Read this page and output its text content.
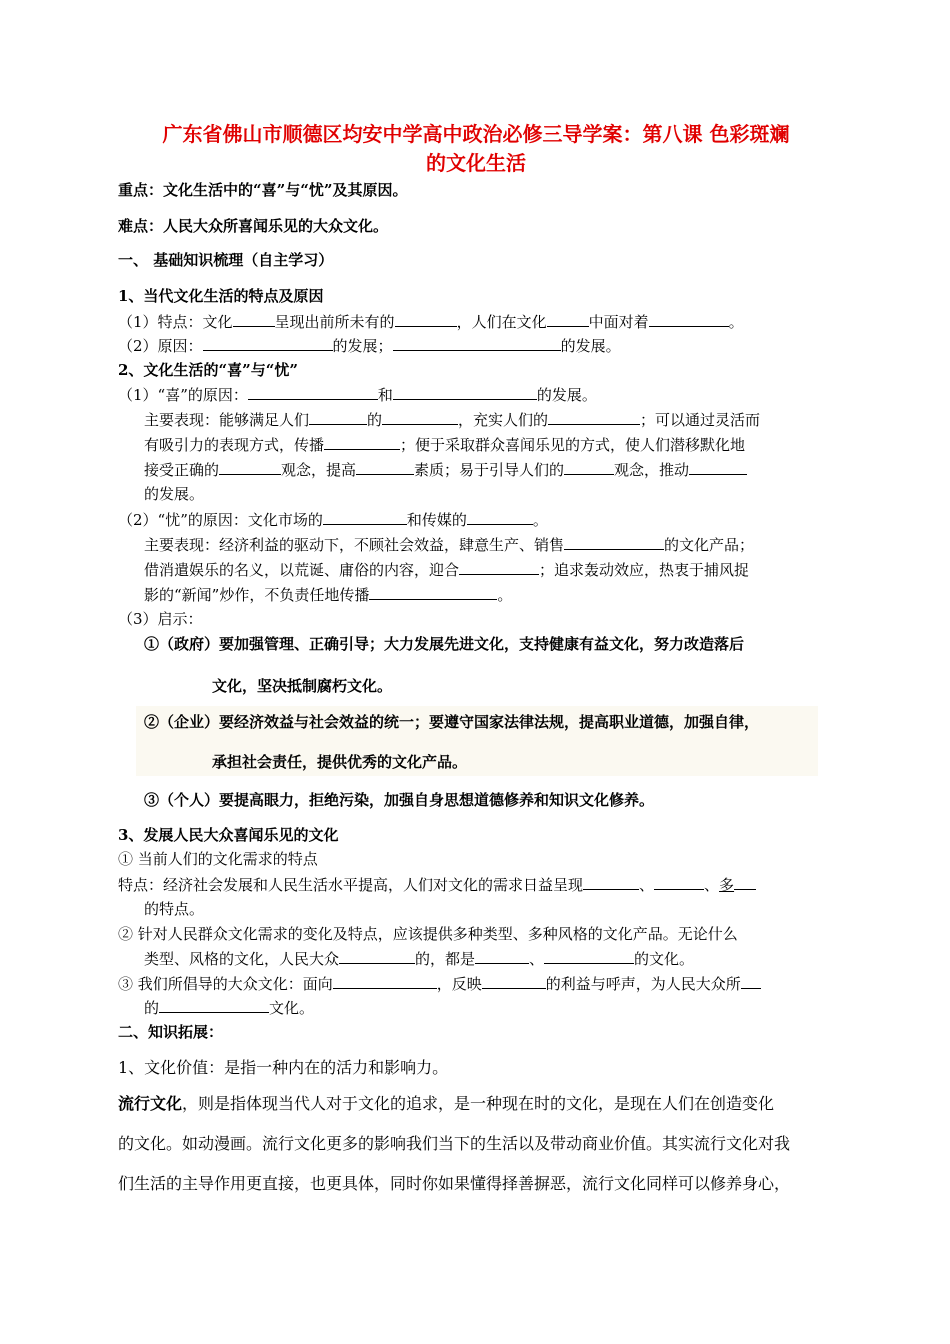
广东省佛山市顺德区均安中学高中政治必修三导学案：第八课 色彩斑斓
的文化生活
重点：文化生活中的“喜”与“忧”及其原因。
难点：人民大众所喜闻乐见的大众文化。
一、 基础知识梳理（自主学习）
1、当代文化生活的特点及原因
（1）特点：文化	呈现出前所未有的	，人们在文化	中面对着	。
（2）原因：	的发展；	的发展。
2、文化生活的“喜”与“忧”
（1）“喜”的原因：	和	的发展。
主要表现：能够满足人们	的	，充实人们的	；可以通过灵活而
有吸引力的表现方式，传播	；便于采取群众喜闻乐见的方式，使人们潜移默化地
接受正确的	观念，提高	素质；易于引导人们的	观念，推动
的发展。
（2）“忧”的原因：文化市场的	和传媒的	。
主要表现：经济利益的驱动下，不顾社会效益，肆意生产、销售	的文化产品；
借消遣娱乐的名义，以荒诞、庸俗的内容，迎合	；追求轰动效应，热衷于捕风捉
影的“新闻”炒作，不负责任地传播	。
（3）启示：
①（政府）要加强管理、正确引导；大力发展先进文化，支持健康有益文化，努力改造落后
文化，坚决抵制腐朽文化。
②（企业）要经济效益与社会效益的统一；要遵守国家法律法规，提高职业道德，加强自律，
承担社会责任，提供优秀的文化产品。
③（个人）要提高眼力，拒绝污染，加强自身思想道德修养和知识文化修养。
3、发展人民大众喜闻乐见的文化
① 当前人们的文化需求的特点
特点：经济社会发展和人民生活水平提高，人们对文化的需求日益呈现	、	、多
的特点。
② 针对人民群众文化需求的变化及特点，应该提供多种类型、多种风格的文化产品。无论什么
类型、风格的文化，人民大众	的，都是	、	的文化。
③ 我们所倡导的大众文化：面向	，反映	的利益与呼声，为人民大众所
的	文化。
二、知识拓展：
1、文化价值：是指一种内在的活力和影响力。
流行文化，则是指体现当代人对于文化的追求，是一种现在时的文化，是现在人们在创造变化
的文化。如动漫画。流行文化更多的影响我们当下的生活以及带动商业价值。其实流行文化对我
们生活的主导作用更直接，也更具体，同时你如果懂得择善摒恶，流行文化同样可以修养身心，
